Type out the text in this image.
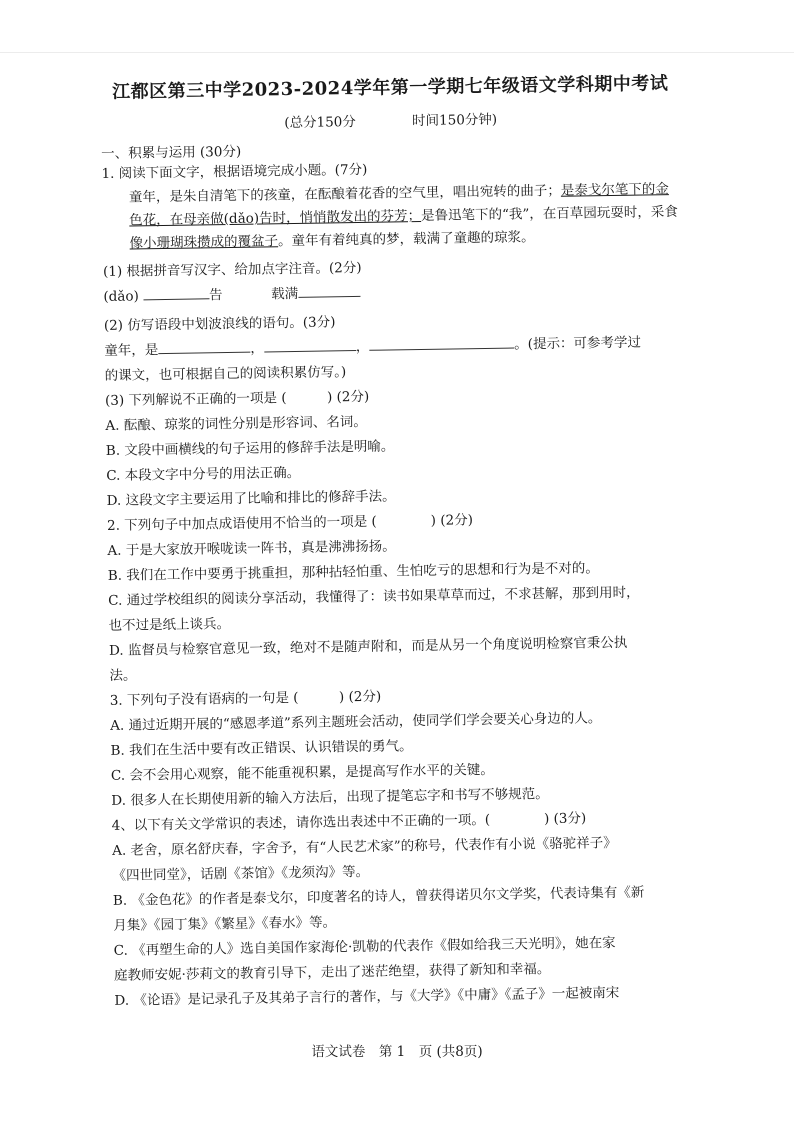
江都区第三中学2023-2024学年第一学期七年级语文学科期中考试
(总分150分	时间150分钟)
一、积累与运用 (30分)
1. 阅读下面文字，根据语境完成小题。(7分)
童年，是朱自清笔下的孩童，在酝酿着花香的空气里，唱出宛转的曲子；是泰戈尔笔下的金色花，在母亲做(dǎo)告时，悄悄散发出的芬芳；是鲁迅笔下的“我”，在百草园玩耍时，采食像小珊瑚珠攒成的覆盆子。童年有着纯真的梦，载满了童趣的琼浆。
(1) 根据拼音写汉字、给加点字注音。(2分)
(dǎo)	告	载满
(2) 仿写语段中划波浪线的语句。(3分)
童年，是	，	，	。(提示：可参考学过
的课文，也可根据自己的阅读积累仿写。)
(3) 下列解说不正确的一项是 (　　　) (2分)
A. 酝酿、琼浆的词性分别是形容词、名词。
B. 文段中画横线的句子运用的修辞手法是明喻。
C. 本段文字中分号的用法正确。
D. 这段文字主要运用了比喻和排比的修辞手法。
2. 下列句子中加点成语使用不恰当的一项是 (　　　　) (2分)
A. 于是大家放开喉咙读一阵书，真是沸沸扬扬。
B. 我们在工作中要勇于挑重担，那种拈轻怕重、生怕吃亏的思想和行为是不对的。
C. 通过学校组织的阅读分享活动，我懂得了：读书如果草草而过，不求甚解，那到用时，
也不过是纸上谈兵。
D. 监督员与检察官意见一致，绝对不是随声附和，而是从另一个角度说明检察官秉公执
法。
3. 下列句子没有语病的一句是 (　　　) (2分)
A. 通过近期开展的“感恩孝道”系列主题班会活动，使同学们学会要关心身边的人。
B. 我们在生活中要有改正错误、认识错误的勇气。
C. 会不会用心观察，能不能重视积累，是提高写作水平的关键。
D. 很多人在长期使用新的输入方法后，出现了提笔忘字和书写不够规范。
4、以下有关文学常识的表述，请你选出表述中不正确的一项。(　　　　) (3分)
A. 老舍，原名舒庆春，字舍予，有“人民艺术家”的称号，代表作有小说《骆驼祥子》
《四世同堂》，话剧《茶馆》《龙须沟》等。
B. 《金色花》的作者是泰戈尔，印度著名的诗人，曾获得诺贝尔文学奖，代表诗集有《新
月集》《园丁集》《繁星》《春水》等。
C. 《再塑生命的人》选自美国作家海伦·凯勒的代表作《假如给我三天光明》，她在家
庭教师安妮·莎莉文的教育引导下，走出了迷茫绝望，获得了新知和幸福。
D. 《论语》是记录孔子及其弟子言行的著作，与《大学》《中庸》《孟子》一起被南宋
语文试卷　第 1　页 (共8页)
